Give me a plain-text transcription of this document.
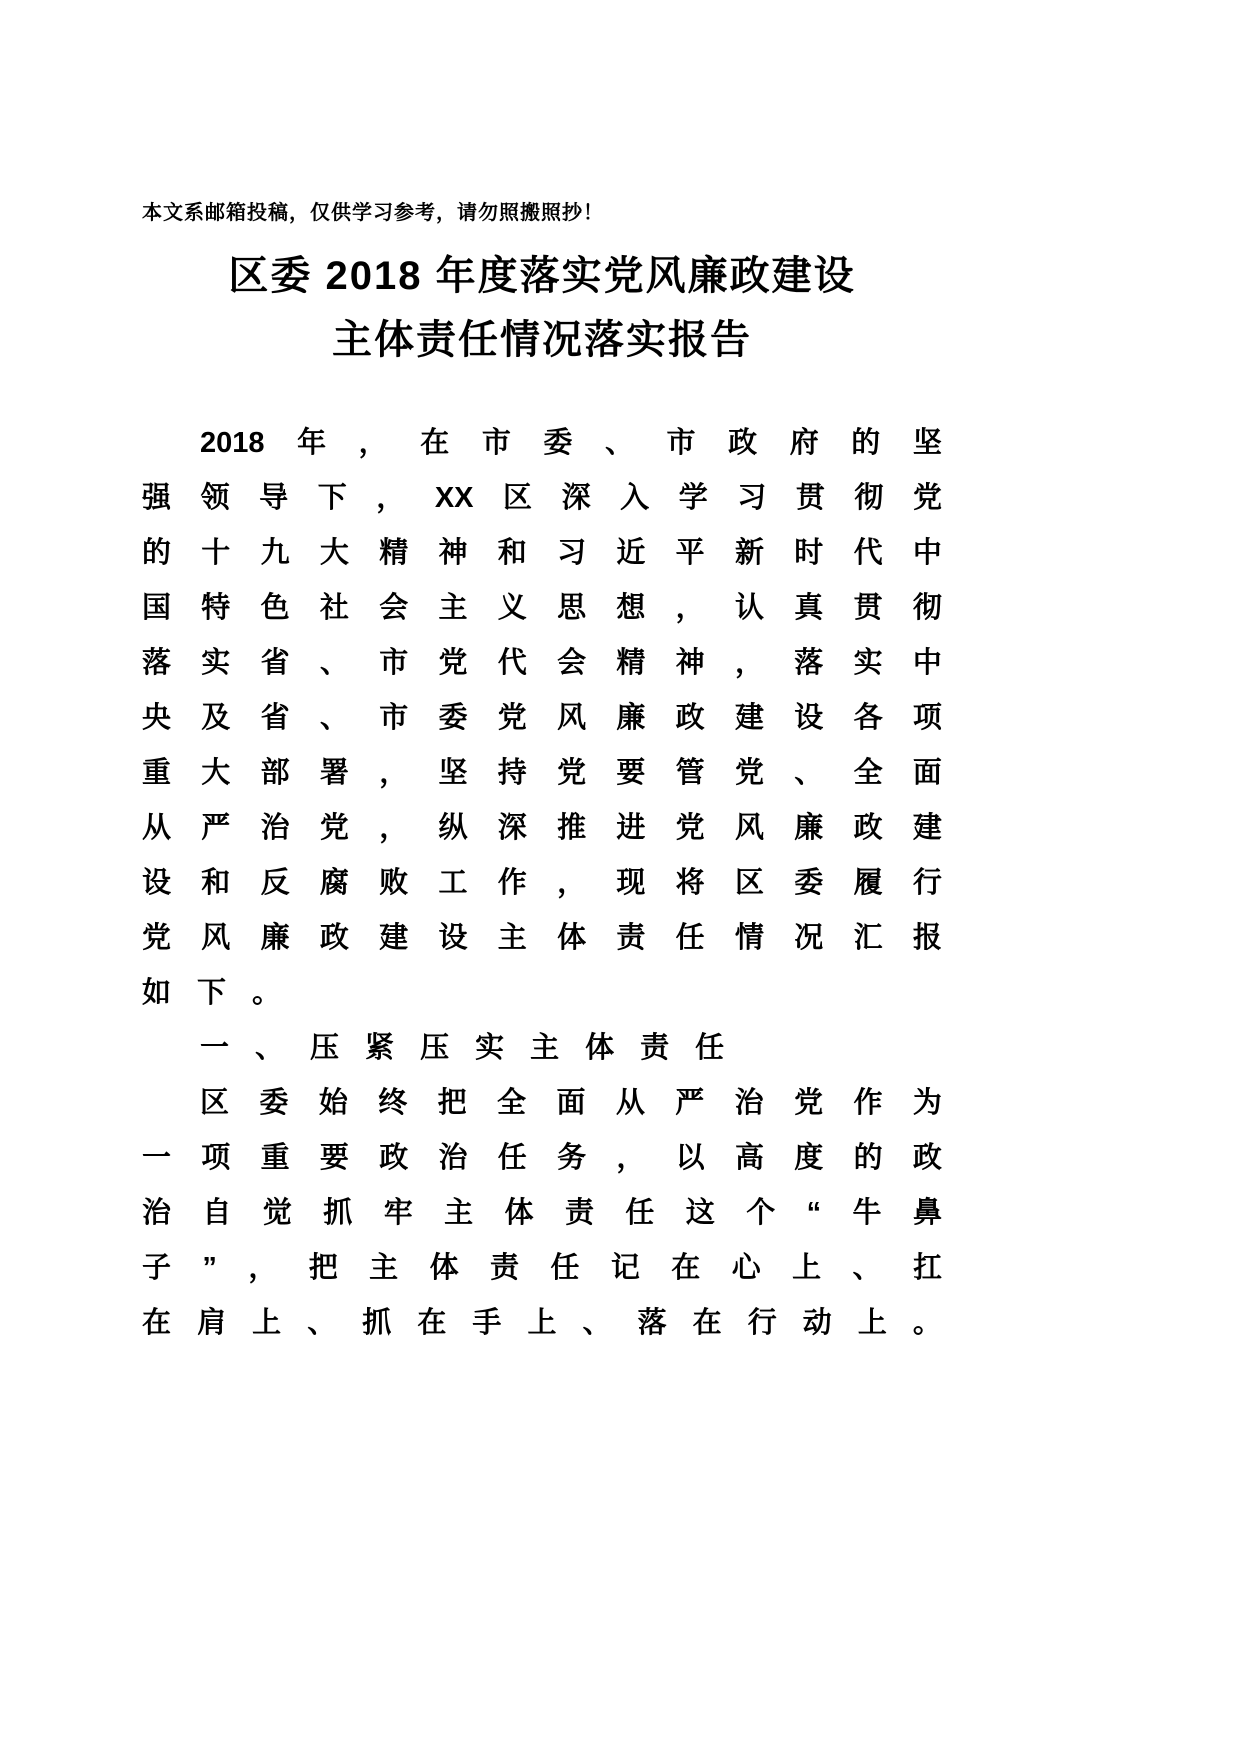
本文系邮箱投稿，仅供学习参考，请勿照搬照抄！
区委 2018 年度落实党风廉政建设
主体责任情况落实报告
2018 年 ， 在 市 委 、 市 政 府 的 坚
强 领 导 下 ， XX 区 深 入 学 习 贯 彻 党
的 十 九 大 精 神 和 习 近 平 新 时 代 中
国 特 色 社 会 主 义 思 想 ， 认 真 贯 彻
落 实 省 、 市 党 代 会 精 神 ， 落 实 中
央 及 省 、 市 委 党 风 廉 政 建 设 各 项
重 大 部 署 ， 坚 持 党 要 管 党 、 全 面
从 严 治 党 ， 纵 深 推 进 党 风 廉 政 建
设 和 反 腐 败 工 作 ， 现 将 区 委 履 行
党 风 廉 政 建 设 主 体 责 任 情 况 汇 报
如 下 。
一 、 压 紧 压 实 主 体 责 任
区 委 始 终 把 全 面 从 严 治 党 作 为
一 项 重 要 政 治 任 务 ， 以 高 度 的 政
治 自 觉 抓 牢 主 体 责 任 这 个 “ 牛 鼻
子 ” ， 把 主 体 责 任 记 在 心 上 、 扛
在 肩 上 、 抓 在 手 上 、 落 在 行 动 上 。
